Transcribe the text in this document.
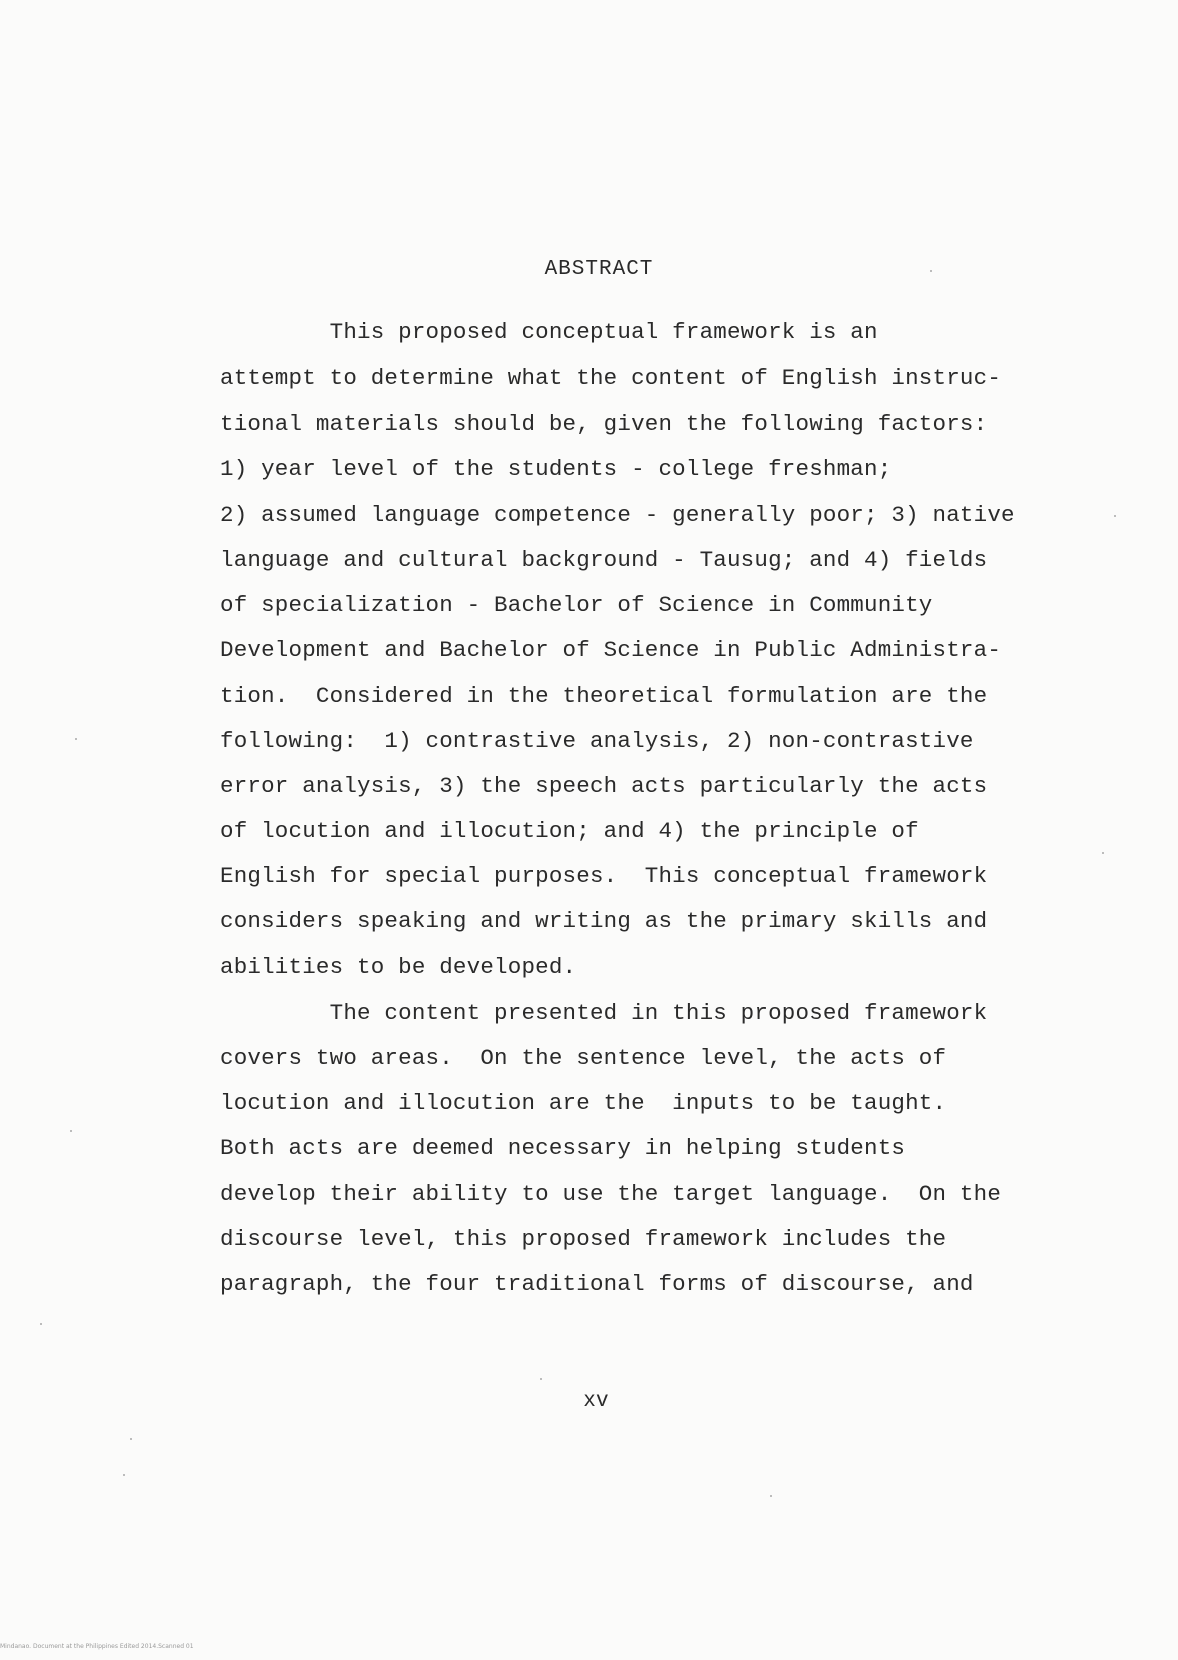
ABSTRACT
This proposed conceptual framework is an
attempt to determine what the content of English instruc-
tional materials should be, given the following factors:
1) year level of the students - college freshman;
2) assumed language competence - generally poor; 3) native
language and cultural background - Tausug; and 4) fields
of specialization - Bachelor of Science in Community
Development and Bachelor of Science in Public Administra-
tion.  Considered in the theoretical formulation are the
following:  1) contrastive analysis, 2) non-contrastive
error analysis, 3) the speech acts particularly the acts
of locution and illocution; and 4) the principle of
English for special purposes.  This conceptual framework
considers speaking and writing as the primary skills and
abilities to be developed.
The content presented in this proposed framework
covers two areas.  On the sentence level, the acts of
locution and illocution are the  inputs to be taught.
Both acts are deemed necessary in helping students
develop their ability to use the target language.  On the
discourse level, this proposed framework includes the
paragraph, the four traditional forms of discourse, and
xv
Mindanao. Document at the Philippines Edited 2014.Scanned 01
